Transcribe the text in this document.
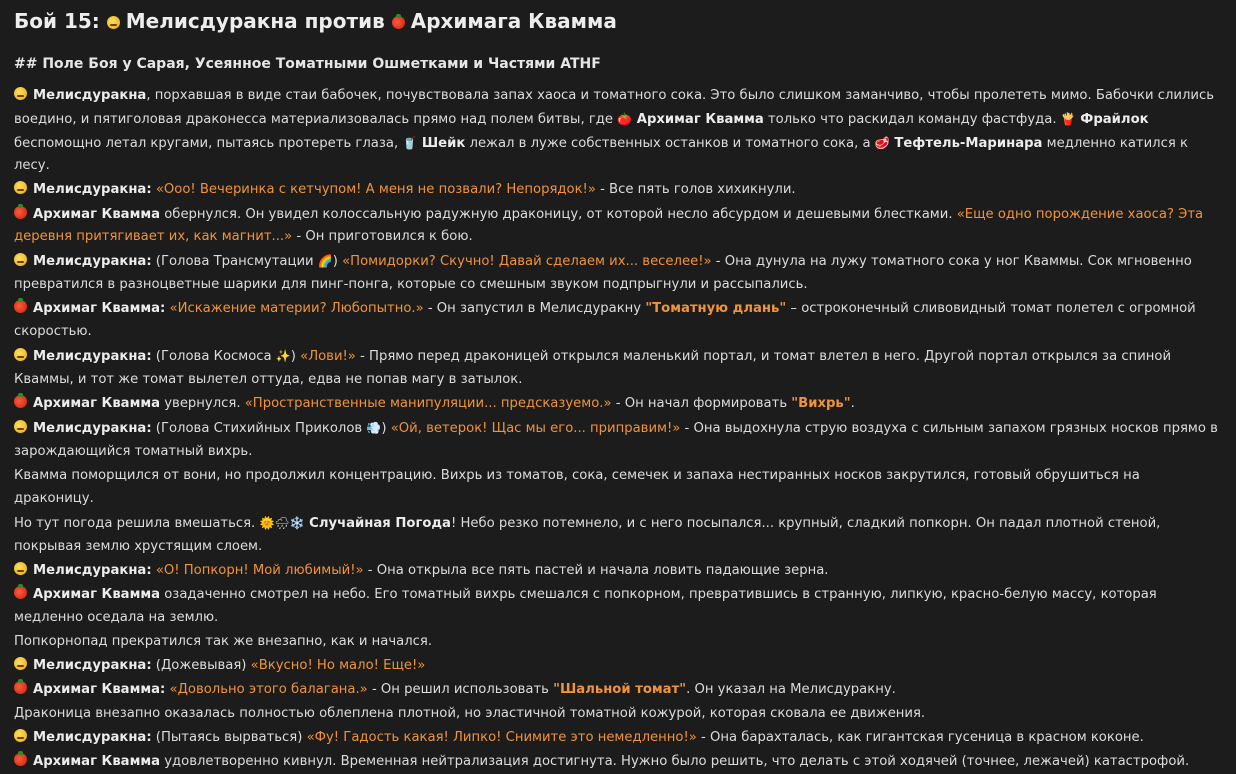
Бой 15: Мелисдуракна против Архимага Квамма
## Поле Боя у Сарая, Усеянное Томатными Ошметками и Частями ATHF
Мелисдуракна, порхавшая в виде стаи бабочек, почувствовала запах хаоса и томатного сока. Это было слишком заманчиво, чтобы пролететь мимо. Бабочки слились воедино, и пятиголовая драконесса материализовалась прямо над полем битвы, где 🍅 Архимаг Квамма только что раскидал команду фастфуда. 🍟 Фрайлок беспомощно летал кругами, пытаясь протереть глаза, 🥤 Шейк лежал в луже собственных останков и томатного сока, а 🥩 Тефтель-Маринара медленно катился к лесу.
Мелисдуракна: «Ооо! Вечеринка с кетчупом! А меня не позвали? Непорядок!» - Все пять голов хихикнули.
Архимаг Квамма обернулся. Он увидел колоссальную радужную драконицу, от которой несло абсурдом и дешевыми блестками. «Еще одно порождение хаоса? Эта деревня притягивает их, как магнит...» - Он приготовился к бою.
Мелисдуракна: (Голова Трансмутации 🌈) «Помидорки? Скучно! Давай сделаем их... веселее!» - Она дунула на лужу томатного сока у ног Кваммы. Сок мгновенно превратился в разноцветные шарики для пинг-понга, которые со смешным звуком подпрыгнули и рассыпались.
Архимаг Квамма: «Искажение материи? Любопытно.» - Он запустил в Мелисдуракну "Томатную длань" – остроконечный сливовидный томат полетел с огромной скоростью.
Мелисдуракна: (Голова Космоса ✨) «Лови!» - Прямо перед драконицей открылся маленький портал, и томат влетел в него. Другой портал открылся за спиной Кваммы, и тот же томат вылетел оттуда, едва не попав магу в затылок.
Архимаг Квамма увернулся. «Пространственные манипуляции... предсказуемо.» - Он начал формировать "Вихрь".
Мелисдуракна: (Голова Стихийных Приколов 💨) «Ой, ветерок! Щас мы его... приправим!» - Она выдохнула струю воздуха с сильным запахом грязных носков прямо в зарождающийся томатный вихрь.
Квамма поморщился от вони, но продолжил концентрацию. Вихрь из томатов, сока, семечек и запаха нестиранных носков закрутился, готовый обрушиться на драконицу.
Но тут погода решила вмешаться. 🌞🌧❄️ Случайная Погода! Небо резко потемнело, и с него посыпался... крупный, сладкий попкорн. Он падал плотной стеной, покрывая землю хрустящим слоем.
Мелисдуракна: «О! Попкорн! Мой любимый!» - Она открыла все пять пастей и начала ловить падающие зерна.
Архимаг Квамма озадаченно смотрел на небо. Его томатный вихрь смешался с попкорном, превратившись в странную, липкую, красно-белую массу, которая медленно оседала на землю.
Попкорнопад прекратился так же внезапно, как и начался.
Мелисдуракна: (Дожевывая) «Вкусно! Но мало! Еще!»
Архимаг Квамма: «Довольно этого балагана.» - Он решил использовать "Шальной томат". Он указал на Мелисдуракну.
Драконица внезапно оказалась полностью облеплена плотной, но эластичной томатной кожурой, которая сковала ее движения.
Мелисдуракна: (Пытаясь вырваться) «Фу! Гадость какая! Липко! Снимите это немедленно!» - Она барахталась, как гигантская гусеница в красном коконе.
Архимаг Квамма удовлетворенно кивнул. Временная нейтрализация достигнута. Нужно было решить, что делать с этой ходячей (точнее, лежачей) катастрофой.
